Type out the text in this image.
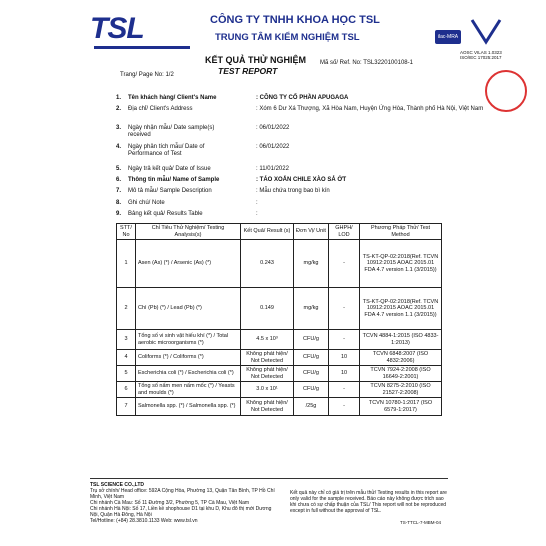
TSL	CÔNG TY TNHH KHOA HỌC TSL
TRUNG TÂM KIỂM NGHIỆM TSL	ilac-MRA
AOSC VILAS 1.0323
ISO/IEC 17025:2017
KẾT QUẢ THỬ NGHIỆM
TEST REPORT
Mã số/ Ref. No: TSL3220100108-1
Trang/ Page No: 1/2
1.	Tên khách hàng/ Client's Name	: CÔNG TY CỔ PHẦN APUGAGA
2.	Địa chỉ/ Client's Address	: Xóm 6 Dư Xá Thượng, Xã Hòa Nam, Huyện Ứng Hòa, Thành phố Hà Nội, Việt Nam
3.	Ngày nhận mẫu/ Date sample(s) received
: 06/01/2022
4.	Ngày phân tích mẫu/ Date of Performance of Test
: 06/01/2022
5.	Ngày trả kết quả/ Date of Issue	: 11/01/2022
6.	Thông tin mẫu/ Name of Sample	: TÁO XOẮN CHILE XÀO SẢ ỚT
7.	Mô tả mẫu/ Sample Description	: Mẫu chứa trong bao bì kín
8.	Ghi chú/ Note	:
9.	Bảng kết quả/ Results Table	:
STT/ No	Chỉ Tiêu Thử Nghiệm/ Testing Analysis(s)	Kết Quả/ Result (s)	Đơn Vị/ Unit	GHPH/ LOD	Phương Pháp Thử/ Test Method
1	Asen (As) (*) / Arsenic (As) (*)	0.243	mg/kg	-	TS-KT-QP-02:2018(Ref. TCVN 10912:2015 AOAC 2015.01 FDA 4.7 version 1.1 (3/2015))
2	Chì (Pb) (*) / Lead (Pb) (*)	0.149	mg/kg	-	TS-KT-QP-02:2018(Ref. TCVN 10912:2015 AOAC 2015.01 FDA 4.7 version 1.1 (3/2015))
3	Tổng số vi sinh vật hiếu khí (*) / Total aerobic microorganisms (*)	4.5 x 10³	CFU/g	-	TCVN 4884-1:2015 (ISO 4833-1:2013)
4	Coliforms (*) / Coliforms (*)	Không phát hiện/ Not Detected	CFU/g	10	TCVN 6848:2007 (ISO 4832:2006)
5	Escherichia coli (*) / Escherichia coli (*)	Không phát hiện/ Not Detected	CFU/g	10	TCVN 7924-2:2008 (ISO 16649-2:2001)
6	Tổng số nấm men nấm mốc (*) / Yeasts and moulds (*)	3.0 x 10¹	CFU/g	-	TCVN 8275-2:2010 (ISO 21527-2:2008)
7	Salmonella spp. (*) / Salmonella spp. (*)	Không phát hiện/ Not Detected	/25g	-	TCVN 10780-1:2017 (ISO 6579-1:2017)
TSL SCIENCE CO.,LTD
Trụ sở chính/ Head office: 592A Cộng Hòa, Phường 13, Quận Tân Bình, TP Hồ Chí Minh, Việt Nam
Chi nhánh Cà Mau: Số 11 Đường 3/2, Phường 5, TP Cà Mau, Việt Nam
Chi nhánh Hà Nội: Số 17, Liền kề shophouse D1 tại khu D, Khu đô thị mới Dương Nội, Quận Hà Đông, Hà Nội
Tel/Hotline: (+84) 28.3810.1133 Web: www.tsl.vn
Kết quả này chỉ có giá trị trên mẫu thử/ Testing results in this report are only valid for the sample received. Báo cáo này không được trích sao khi chưa có sự chấp thuận của TSL/ This report will not be reproduced except in full without the approval of TSL.
TS-TTCL-7-MBM-04
